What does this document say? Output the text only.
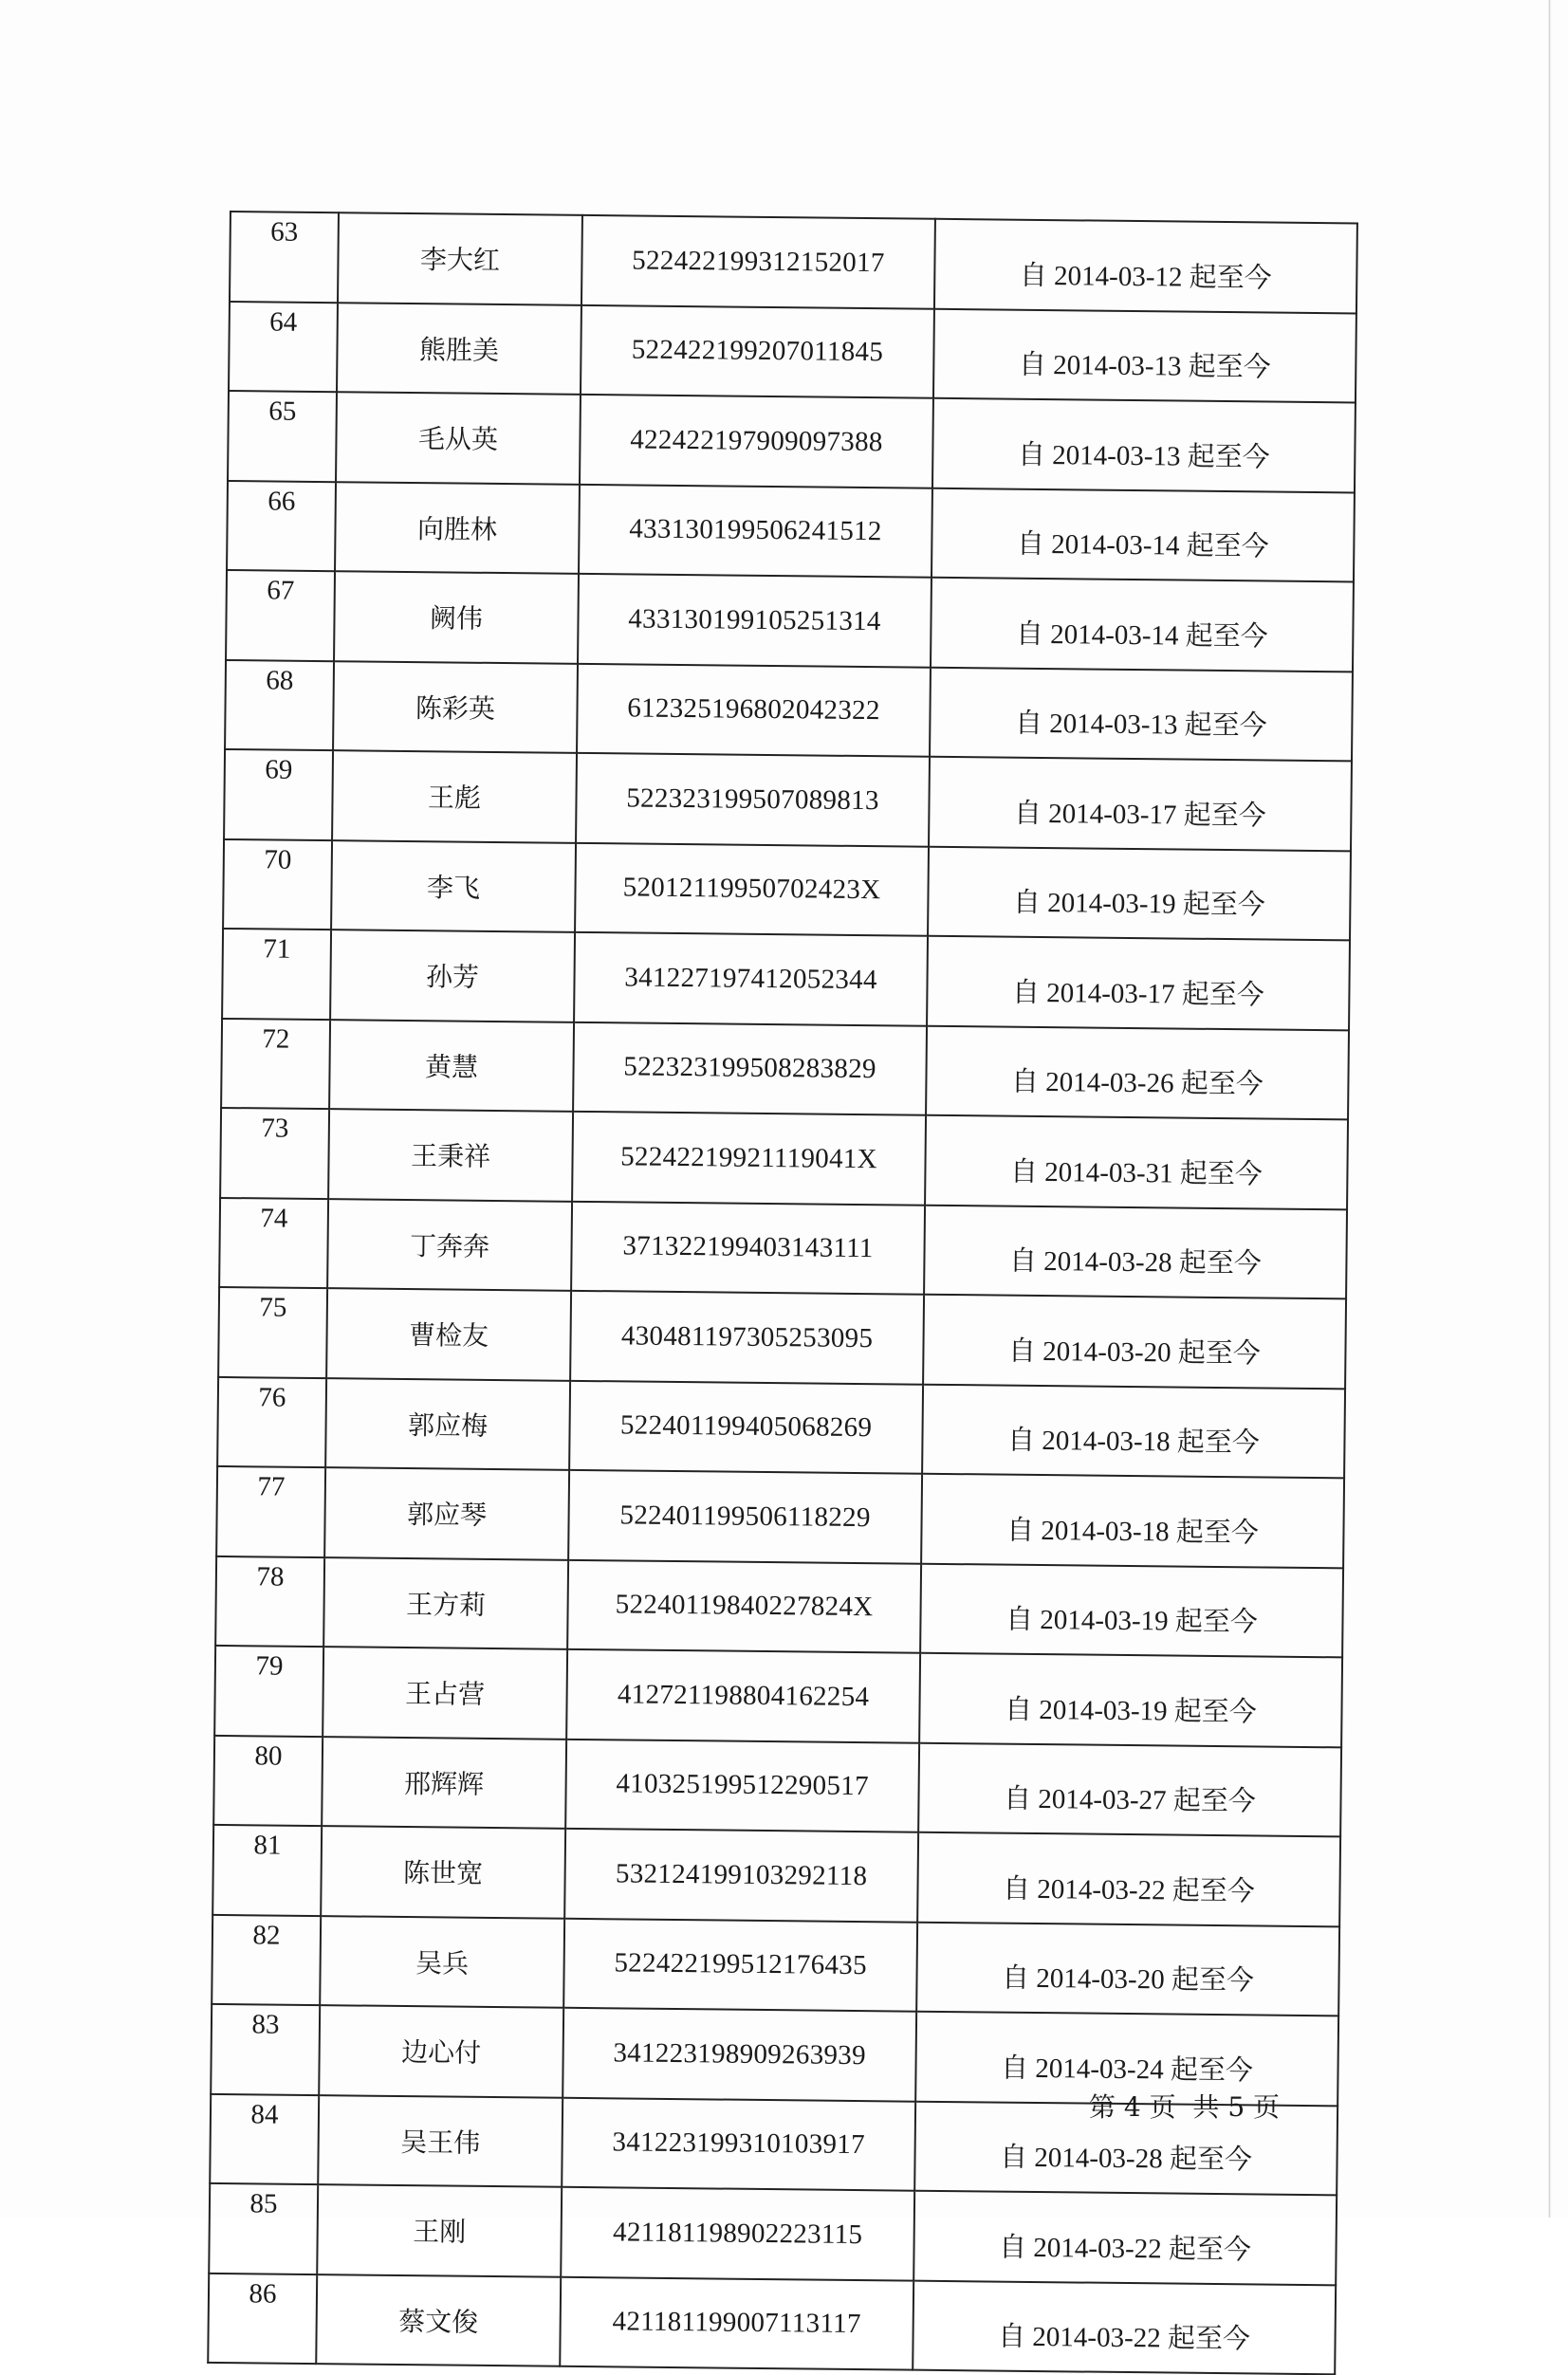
63	李大红	522422199312152017	自 2014-03-12 起至今
64	熊胜美	522422199207011845	自 2014-03-13 起至今
65	毛从英	422422197909097388	自 2014-03-13 起至今
66	向胜林	433130199506241512	自 2014-03-14 起至今
67	阙伟	433130199105251314	自 2014-03-14 起至今
68	陈彩英	612325196802042322	自 2014-03-13 起至今
69	王彪	522323199507089813	自 2014-03-17 起至今
70	李飞	52012119950702423X	自 2014-03-19 起至今
71	孙芳	341227197412052344	自 2014-03-17 起至今
72	黄慧	522323199508283829	自 2014-03-26 起至今
73	王秉祥	52242219921119041X	自 2014-03-31 起至今
74	丁奔奔	371322199403143111	自 2014-03-28 起至今
75	曹检友	430481197305253095	自 2014-03-20 起至今
76	郭应梅	522401199405068269	自 2014-03-18 起至今
77	郭应琴	522401199506118229	自 2014-03-18 起至今
78	王方莉	52240119840227824X	自 2014-03-19 起至今
79	王占营	412721198804162254	自 2014-03-19 起至今
80	邢辉辉	410325199512290517	自 2014-03-27 起至今
81	陈世宽	532124199103292118	自 2014-03-22 起至今
82	吴兵	522422199512176435	自 2014-03-20 起至今
83	边心付	341223198909263939	自 2014-03-24 起至今
84	吴王伟	341223199310103917	自 2014-03-28 起至今
85	王刚	421181198902223115	自 2014-03-22 起至今
86	蔡文俊	421181199007113117	自 2014-03-22 起至今
第 4 页  共 5 页
